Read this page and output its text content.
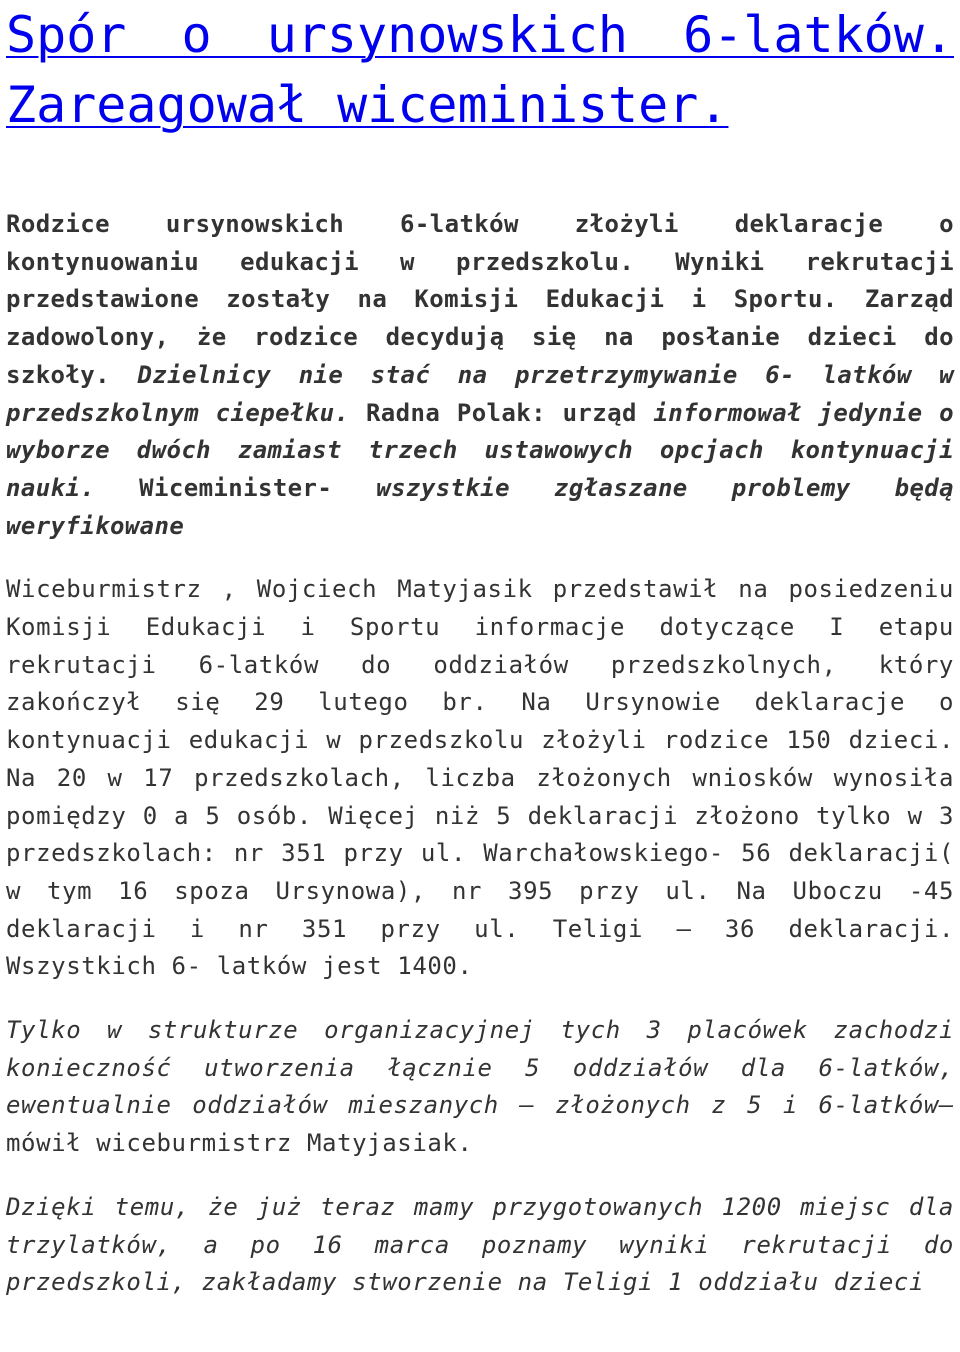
Spór o ursynowskich 6-latków. Zareagował wiceminister.

Rodzice ursynowskich 6-latków złożyli deklaracje o kontynuowaniu edukacji w przedszkolu. Wyniki rekrutacji przedstawione zostały na Komisji Edukacji i Sportu. Zarząd zadowolony, że rodzice decydują się na posłanie dzieci do szkoły. Dzielnicy nie stać na przetrzymywanie 6- latków w przedszkolnym ciepełku. Radna Polak: urząd informował jedynie o wyborze dwóch zamiast trzech ustawowych opcjach kontynuacji nauki. Wiceminister- wszystkie zgłaszane problemy będą weryfikowane

Wiceburmistrz , Wojciech Matyjasik przedstawił na posiedzeniu Komisji Edukacji i Sportu informacje dotyczące I etapu rekrutacji 6-latków do oddziałów przedszkolnych, który zakończył się 29 lutego br. Na Ursynowie deklaracje o kontynuacji edukacji w przedszkolu złożyli rodzice 150 dzieci. Na 20 w 17 przedszkolach, liczba złożonych wniosków wynosiła pomiędzy 0 a 5 osób. Więcej niż 5 deklaracji złożono tylko w 3 przedszkolach: nr 351 przy ul. Warchałowskiego- 56 deklaracji( w tym 16 spoza Ursynowa), nr 395 przy ul. Na Uboczu -45 deklaracji i nr 351 przy ul. Teligi – 36 deklaracji. Wszystkich 6- latków jest 1400.

Tylko w strukturze organizacyjnej tych 3 placówek zachodzi konieczność utworzenia łącznie 5 oddziałów dla 6-latków, ewentualnie oddziałów mieszanych – złożonych z 5 i 6-latków– mówił wiceburmistrz Matyjasiak.

Dzięki temu, że już teraz mamy przygotowanych 1200 miejsc dla trzylatków, a po 16 marca poznamy wyniki rekrutacji do przedszkoli, zakładamy stworzenie na Teligi 1 oddziału dzieci
